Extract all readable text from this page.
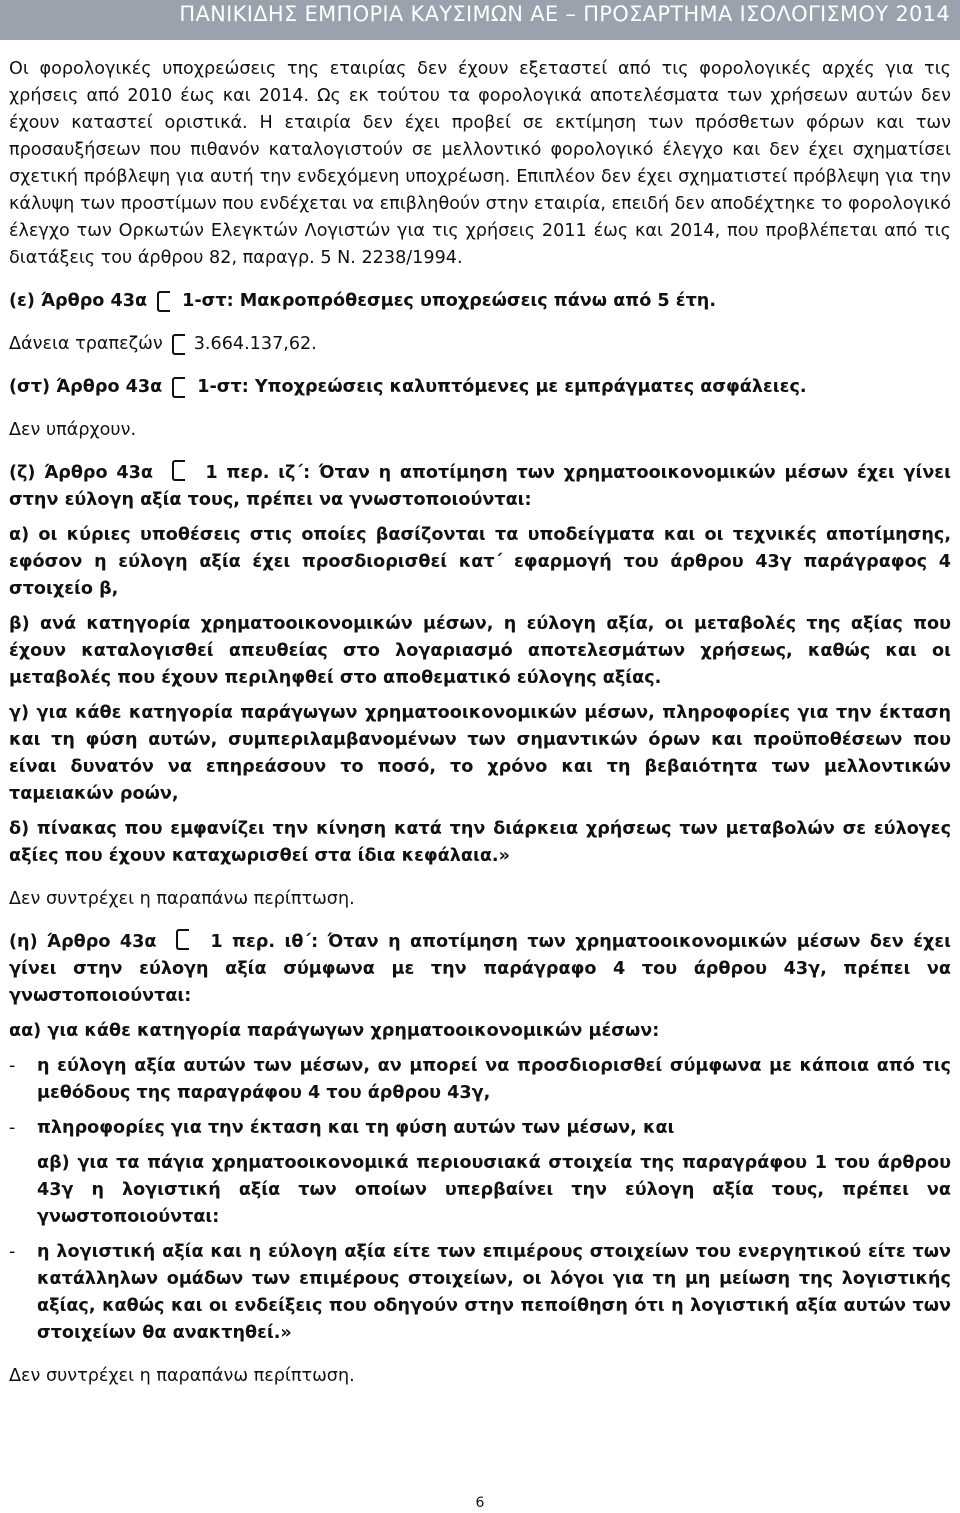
ΠΑΝΙΚΙΔΗΣ ΕΜΠΟΡΙΑ ΚΑΥΣΙΜΩΝ ΑΕ – ΠΡΟΣΑΡΤΗΜΑ ΙΣΟΛΟΓΙΣΜΟΥ 2014

Οι φορολογικές υποχρεώσεις της εταιρίας δεν έχουν εξεταστεί από τις φορολογικές αρχές για τις χρήσεις από 2010 έως και 2014. Ως εκ τούτου τα φορολογικά αποτελέσματα των χρήσεων αυτών δεν έχουν καταστεί οριστικά. Η εταιρία δεν έχει προβεί σε εκτίμηση των πρόσθετων φόρων και των προσαυξήσεων που πιθανόν καταλογιστούν σε μελλοντικό φορολογικό έλεγχο και δεν έχει σχηματίσει σχετική πρόβλεψη για αυτή την ενδεχόμενη υποχρέωση. Επιπλέον δεν έχει σχηματιστεί πρόβλεψη για την κάλυψη των προστίμων που ενδέχεται να επιβληθούν στην εταιρία, επειδή δεν αποδέχτηκε το φορολογικό έλεγχο των Ορκωτών Ελεγκτών Λογιστών για τις χρήσεις 2011 έως και 2014, που προβλέπεται από τις διατάξεις του άρθρου 82, παραγρ. 5 Ν. 2238/1994.

(ε) Άρθρο 43α 1-στ: Μακροπρόθεσμες υποχρεώσεις πάνω από 5 έτη.

Δάνεια τραπεζών 3.664.137,62.

(στ) Άρθρο 43α 1-στ: Υποχρεώσεις καλυπτόμενες με εμπράγματες ασφάλειες.

Δεν υπάρχουν.

(ζ) Άρθρο 43α	1 περ. ιζ΄: Όταν η αποτίμηση των χρηματοοικονομικών μέσων έχει γίνει στην εύλογη αξία τους, πρέπει να γνωστοποιούνται:

α) οι κύριες υποθέσεις στις οποίες βασίζονται τα υποδείγματα και οι τεχνικές αποτίμησης, εφόσον η εύλογη αξία έχει προσδιορισθεί κατ΄ εφαρμογή του άρθρου 43γ παράγραφος 4 στοιχείο β,

β) ανά κατηγορία χρηματοοικονομικών μέσων, η εύλογη αξία, οι μεταβολές της αξίας που έχουν καταλογισθεί απευθείας στο λογαριασμό αποτελεσμάτων χρήσεως, καθώς και οι μεταβολές που έχουν περιληφθεί στο αποθεματικό εύλογης αξίας.

γ) για κάθε κατηγορία παράγωγων χρηματοοικονομικών μέσων, πληροφορίες για την έκταση και τη φύση αυτών, συμπεριλαμβανομένων των σημαντικών όρων και προϋποθέσεων που είναι δυνατόν να επηρεάσουν το ποσό, το χρόνο και τη βεβαιότητα των μελλοντικών ταμειακών ροών,

δ) πίνακας που εμφανίζει την κίνηση κατά την διάρκεια χρήσεως των μεταβολών σε εύλογες αξίες που έχουν καταχωρισθεί στα ίδια κεφάλαια.»

Δεν συντρέχει η παραπάνω περίπτωση.

(η) Άρθρο 43α	1 περ. ιθ΄: Όταν η αποτίμηση των χρηματοοικονομικών μέσων δεν έχει γίνει στην εύλογη αξία σύμφωνα με την παράγραφο 4 του άρθρου 43γ, πρέπει να γνωστοποιούνται:

αα) για κάθε κατηγορία παράγωγων χρηματοοικονομικών μέσων:

-	η εύλογη αξία αυτών των μέσων, αν μπορεί να προσδιορισθεί σύμφωνα με κάποια από τις μεθόδους της παραγράφου 4 του άρθρου 43γ,
-	πληροφορίες για την έκταση και τη φύση αυτών των μέσων, και

αβ) για τα πάγια χρηματοοικονομικά περιουσιακά στοιχεία της παραγράφου 1 του άρθρου 43γ η λογιστική αξία των οποίων υπερβαίνει την εύλογη αξία τους, πρέπει να γνωστοποιούνται:

-	η λογιστική αξία και η εύλογη αξία είτε των επιμέρους στοιχείων του ενεργητικού είτε των κατάλληλων ομάδων των επιμέρους στοιχείων, οι λόγοι για τη μη μείωση της λογιστικής αξίας, καθώς και οι ενδείξεις που οδηγούν στην πεποίθηση ότι η λογιστική αξία αυτών των στοιχείων θα ανακτηθεί.»

Δεν συντρέχει η παραπάνω περίπτωση.

6
